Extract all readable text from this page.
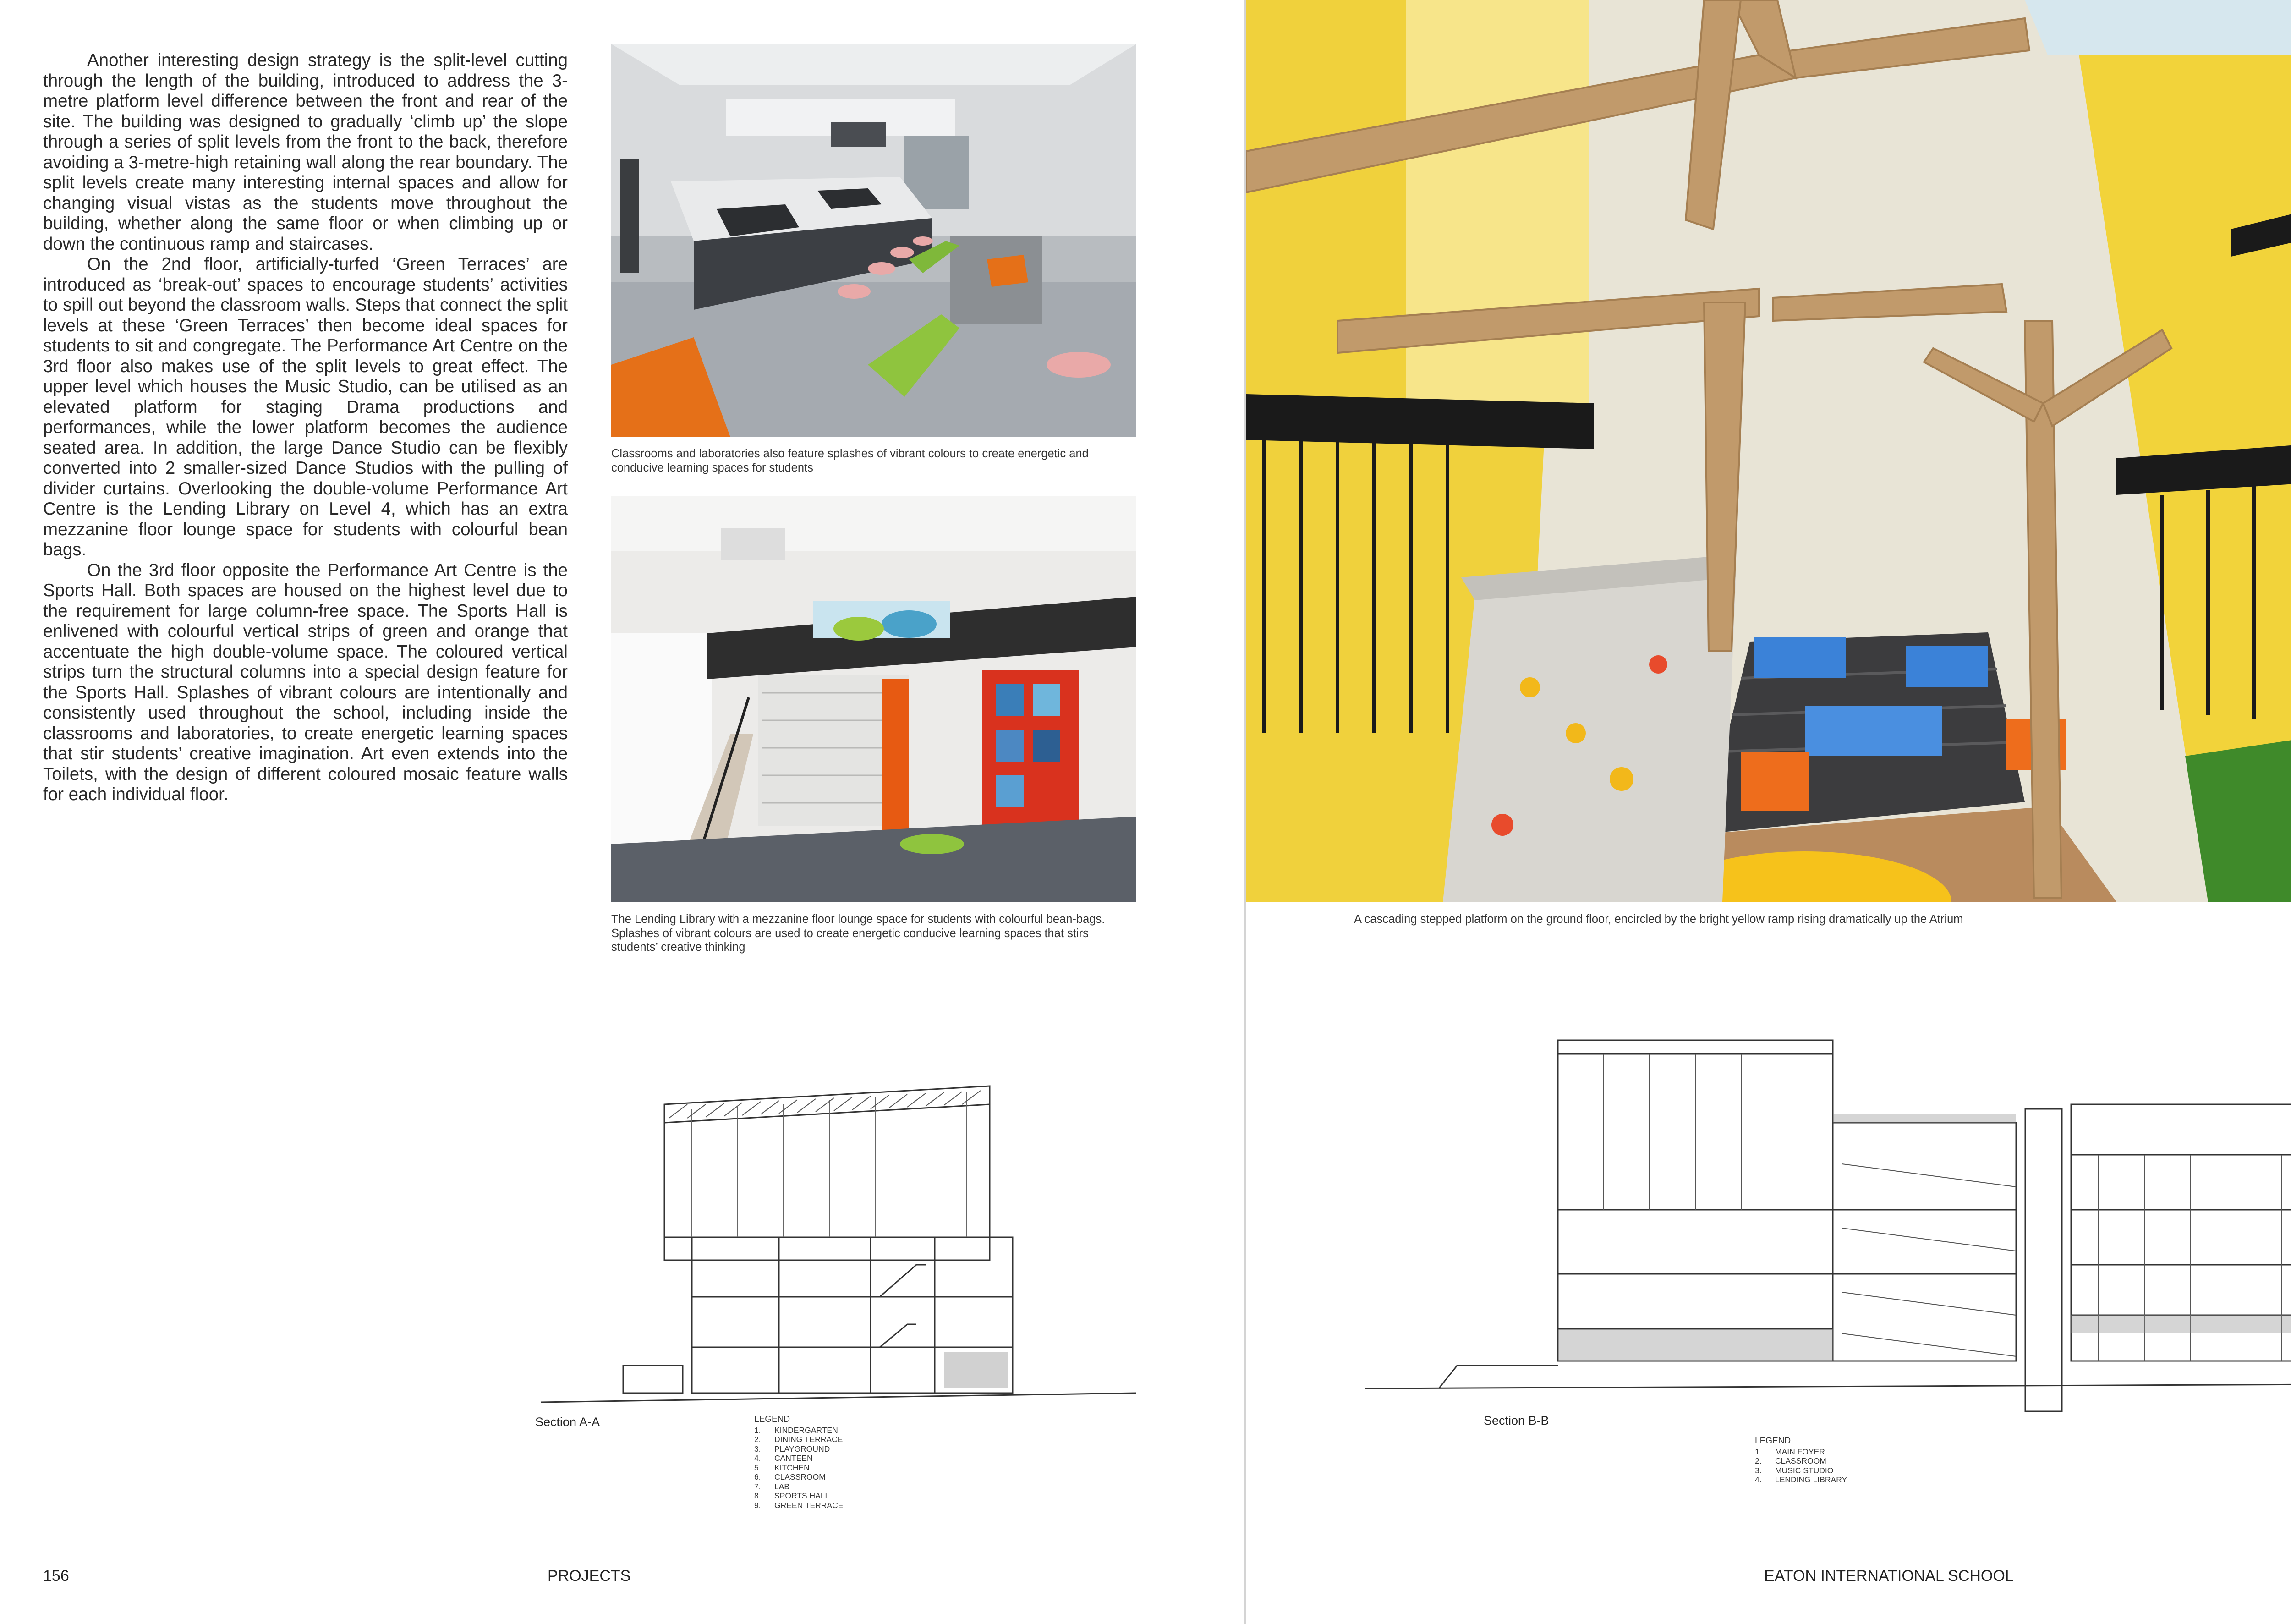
Another interesting design strategy is the split-level cutting through the length of the building, introduced to address the 3-metre platform level difference between the front and rear of the site. The building was designed to gradually ‘climb up’ the slope through a series of split levels from the front to the back, therefore avoiding a 3-metre-high retaining wall along the rear boundary. The split levels create many interesting internal spaces and allow for changing visual vistas as the students move throughout the building, whether along the same floor or when climbing up or down the continuous ramp and staircases.

On the 2nd floor, artificially-turfed ‘Green Terraces’ are introduced as ‘break-out’ spaces to encourage students’ activities to spill out beyond the classroom walls. Steps that connect the split levels at these ‘Green Terraces’ then become ideal spaces for students to sit and congregate. The Performance Art Centre on the 3rd floor also makes use of the split levels to great effect. The upper level which houses the Music Studio, can be utilised as an elevated platform for staging Drama productions and performances, while the lower platform becomes the audience seated area. In addition, the large Dance Studio can be flexibly converted into 2 smaller-sized Dance Studios with the pulling of divider curtains. Overlooking the double-volume Performance Art Centre is the Lending Library on Level 4, which has an extra mezzanine floor lounge space for students with colourful bean bags.

On the 3rd floor opposite the Performance Art Centre is the Sports Hall. Both spaces are housed on the highest level due to the requirement for large column-free space. The Sports Hall is enlivened with colourful vertical strips of green and orange that accentuate the high double-volume space. The coloured vertical strips turn the structural columns into a special design feature for the Sports Hall. Splashes of vibrant colours are intentionally and consistently used throughout the school, including inside the classrooms and laboratories, to create energetic learning spaces that stir students’ creative imagination. Art even extends into the Toilets, with the design of different coloured mosaic feature walls for each individual floor.

Classrooms and laboratories also feature splashes of vibrant colours to create energetic and conducive learning spaces for students
The Lending Library with a mezzanine floor lounge space for students with colourful bean-bags. Splashes of vibrant colours are used to create energetic conducive learning spaces that stirs students’ creative thinking
A cascading stepped platform on the ground floor, encircled by the bright yellow ramp rising dramatically up the Atrium
Section A-A	LEGEND
1.	KINDERGARTEN
2.	DINING TERRACE
3.	PLAYGROUND
4.	CANTEEN
5.	KITCHEN
6.	CLASSROOM
7.	LAB
8.	SPORTS HALL
9.	GREEN TERRACE
Section B-B
LEGEND
1.	MAIN FOYER
2.	CLASSROOM
3.	MUSIC STUDIO
4.	LENDING LIBRARY
156	PROJECTS	EATON INTERNATIONAL SCHOOL
